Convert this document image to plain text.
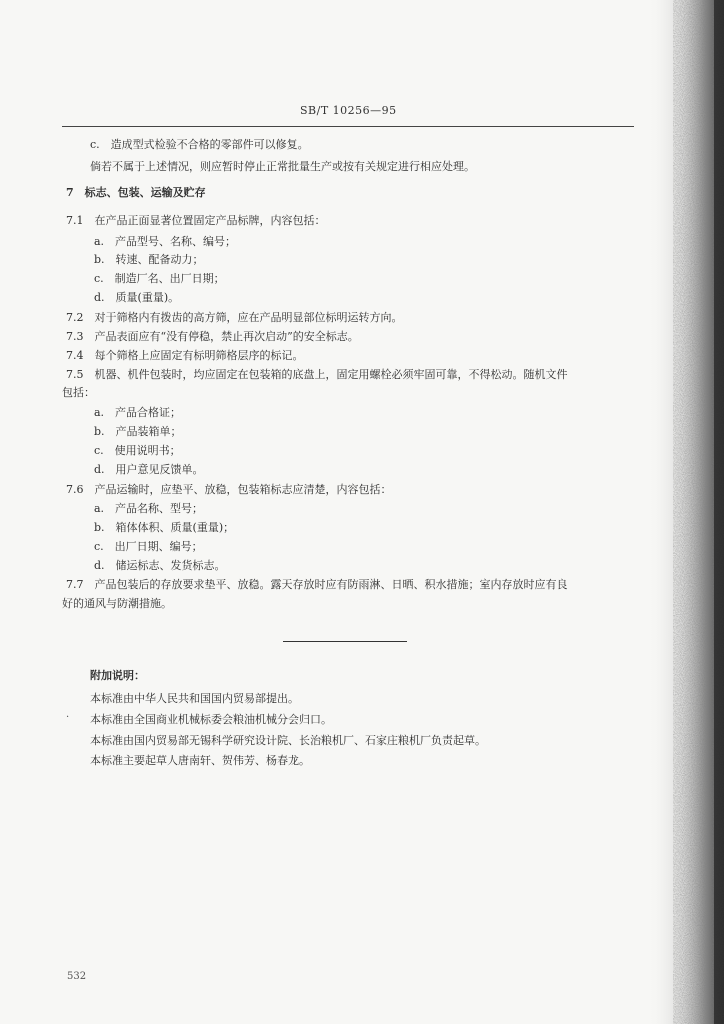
SB/T 10256—95
c.　造成型式检验不合格的零部件可以修复。
倘若不属于上述情况，则应暂时停止正常批量生产或按有关规定进行相应处理。
7　标志、包装、运输及贮存
7.1　在产品正面显著位置固定产品标牌，内容包括：
a.　产品型号、名称、编号；
b.　转速、配备动力；
c.　制造厂名、出厂日期；
d.　质量(重量)。
7.2　对于筛格内有拨齿的高方筛，应在产品明显部位标明运转方向。
7.3　产品表面应有“没有停稳，禁止再次启动”的安全标志。
7.4　每个筛格上应固定有标明筛格层序的标记。
7.5　机器、机件包装时，均应固定在包装箱的底盘上，固定用螺栓必须牢固可靠，不得松动。随机文件
包括：
a.　产品合格证；
b.　产品装箱单；
c.　使用说明书；
d.　用户意见反馈单。
7.6　产品运输时，应垫平、放稳，包装箱标志应清楚，内容包括：
a.　产品名称、型号；
b.　箱体体积、质量(重量)；
c.　出厂日期、编号；
d.　储运标志、发货标志。
7.7　产品包装后的存放要求垫平、放稳。露天存放时应有防雨淋、日晒、积水措施；室内存放时应有良
好的通风与防潮措施。
附加说明：
本标准由中华人民共和国国内贸易部提出。
本标准由全国商业机械标委会粮油机械分会归口。
本标准由国内贸易部无锡科学研究设计院、长治粮机厂、石家庄粮机厂负责起草。
本标准主要起草人唐南轩、贺伟芳、杨春龙。
·
532
